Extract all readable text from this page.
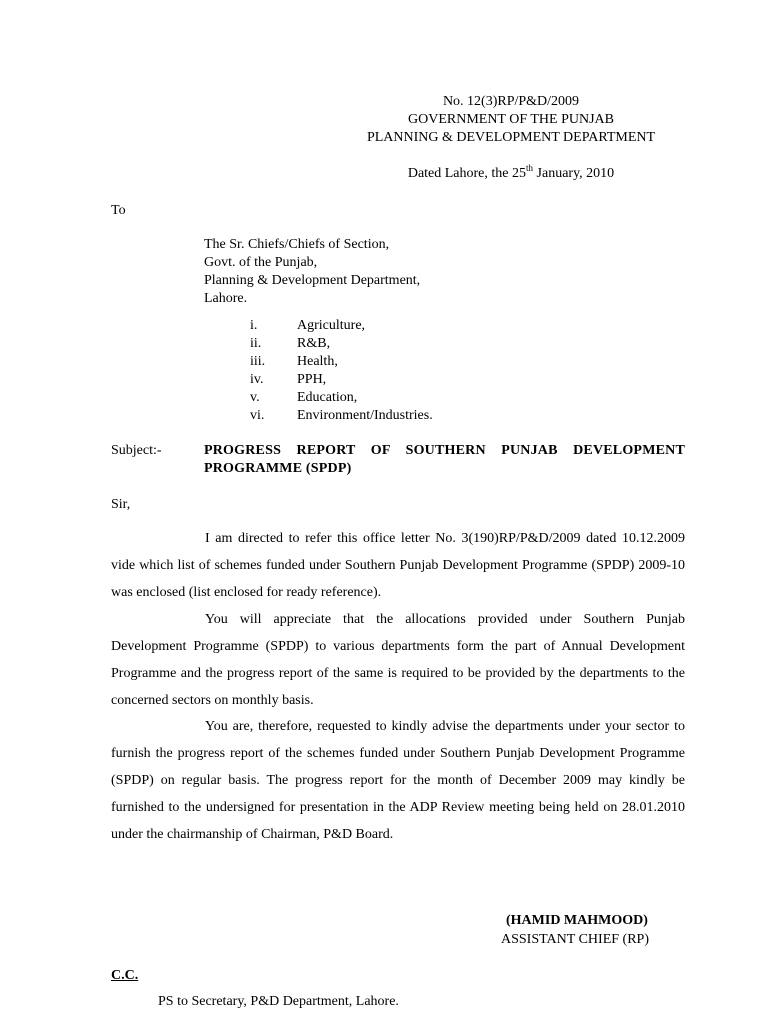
No. 12(3)RP/P&D/2009
GOVERNMENT OF THE PUNJAB
PLANNING & DEVELOPMENT DEPARTMENT
Dated Lahore, the 25th January, 2010
To
The Sr. Chiefs/Chiefs of Section,
Govt. of the Punjab,
Planning & Development Department,
Lahore.
i.	Agriculture,
ii.	R&B,
iii. Health,
iv. PPH,
v.	Education,
vi. Environment/Industries.
Subject:-	PROGRESS REPORT OF SOUTHERN PUNJAB DEVELOPMENT PROGRAMME (SPDP)
Sir,
I am directed to refer this office letter No. 3(190)RP/P&D/2009 dated 10.12.2009 vide which list of schemes funded under Southern Punjab Development Programme (SPDP) 2009-10 was enclosed (list enclosed for ready reference).
You will appreciate that the allocations provided under Southern Punjab Development Programme (SPDP) to various departments form the part of Annual Development Programme and the progress report of the same is required to be provided by the departments to the concerned sectors on monthly basis.
You are, therefore, requested to kindly advise the departments under your sector to furnish the progress report of the schemes funded under Southern Punjab Development Programme (SPDP) on regular basis. The progress report for the month of December 2009 may kindly be furnished to the undersigned for presentation in the ADP Review meeting being held on 28.01.2010 under the chairmanship of Chairman, P&D Board.
(HAMID MAHMOOD)
ASSISTANT CHIEF (RP)
C.C.
PS to Secretary, P&D Department, Lahore.
